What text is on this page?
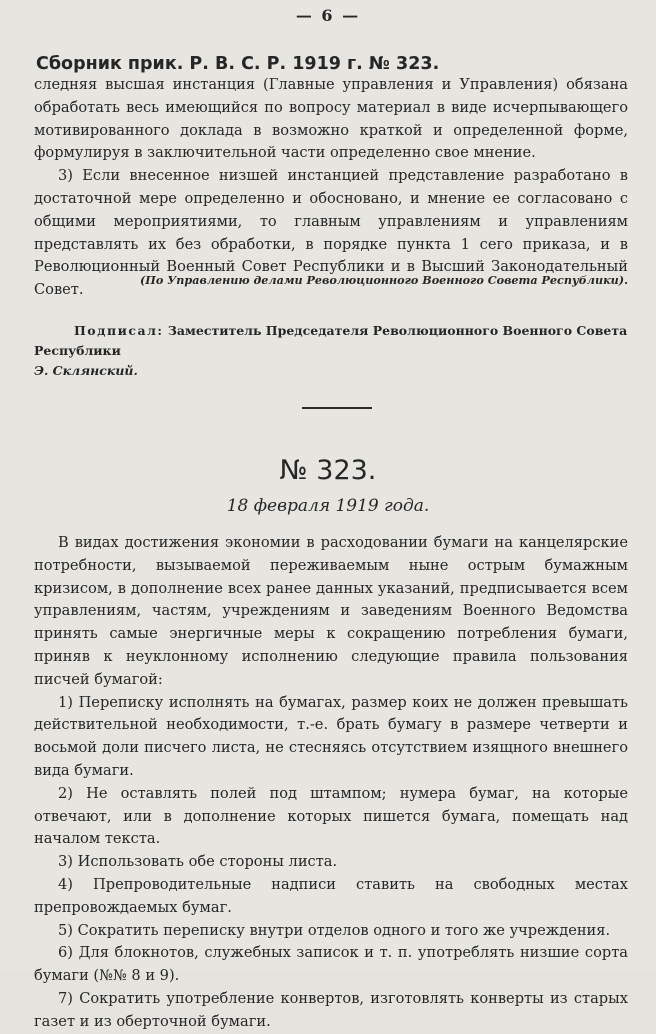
— 6 —
Сборник прик. Р. В. С. Р. 1919 г. № 323.

следняя высшая инстанция (Главные управления и Управления) обязана обработать весь имеющийся по вопросу материал в виде исчерпывающего мотивированного доклада в возможно краткой и определенной форме, формулируя в заключительной части определенно свое мнение.

3) Если внесенное низшей инстанцией представление разработано в достаточной мере определенно и обосновано, и мнение ее согласовано с общими мероприятиями, то главным управлениям и управлениям представлять их без обработки, в порядке пункта 1 сего приказа, и в Революционный Военный Совет Республики и в Высший Законодательный Совет.

(По Управлению делами Революционного Военного Совета Республики).
Подписал: Заместитель Председателя Революционного Военного Совета Республики
Э. Склянский.
№ 323.
18 февраля 1919 года.

В видах достижения экономии в расходовании бумаги на канцелярские потребности, вызываемой переживаемым ныне острым бумажным кризисом, в дополнение всех ранее данных указаний, предписывается всем управлениям, частям, учреждениям и заведениям Военного Ведомства принять самые энергичные меры к сокращению потребления бумаги, приняв к неуклонному исполнению следующие правила пользования писчей бумагой:

1) Переписку исполнять на бумагах, размер коих не должен превышать действительной необходимости, т.-е. брать бумагу в размере четверти и восьмой доли писчего листа, не стесняясь отсутствием изящного внешнего вида бумаги.

2) Не оставлять полей под штампом; нумера бумаг, на которые отвечают, или в дополнение которых пишется бумага, помещать над началом текста.

3) Использовать обе стороны листа.

4) Препроводительные надписи ставить на свободных местах препровождаемых бумаг.

5) Сократить переписку внутри отделов одного и того же учреждения.

6) Для блокнотов, служебных записок и т. п. употреблять низшие сорта бумаги (№№ 8 и 9).

7) Сократить употребление конвертов, изготовлять конверты из старых газет и из оберточной бумаги.
